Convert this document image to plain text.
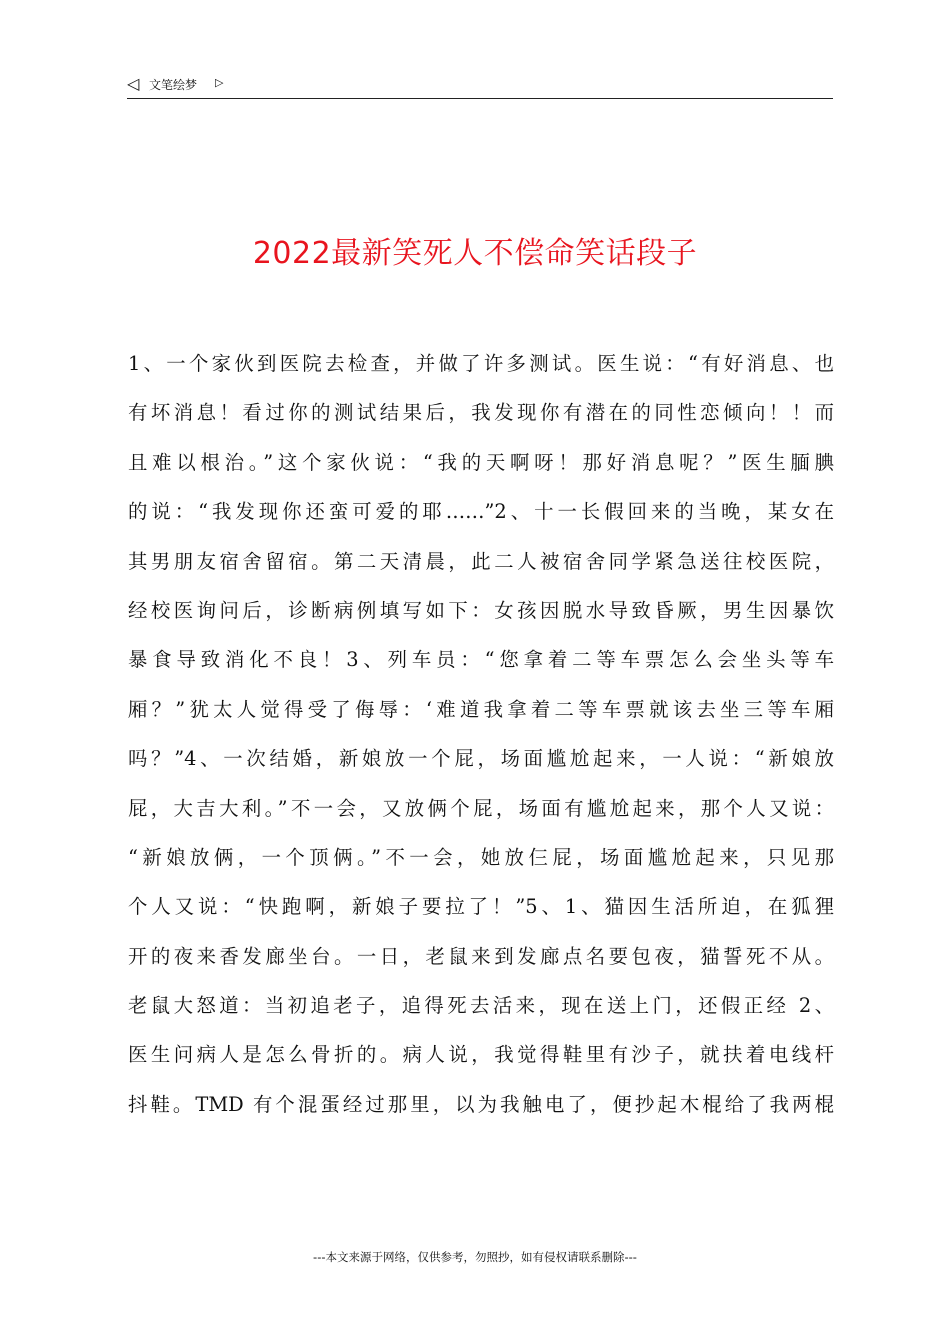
◁ 文笔绘梦 ▷
2022最新笑死人不偿命笑话段子
1、一个家伙到医院去检查，并做了许多测试。医生说：“有好消息、也
有坏消息！看过你的测试结果后，我发现你有潜在的同性恋倾向！！而
且难以根治。”这个家伙说：“我的天啊呀！那好消息呢？”医生腼腆
的说：“我发现你还蛮可爱的耶……”2、十一长假回来的当晚，某女在
其男朋友宿舍留宿。第二天清晨，此二人被宿舍同学紧急送往校医院，
经校医询问后，诊断病例填写如下：女孩因脱水导致昏厥，男生因暴饮
暴食导致消化不良！3、列车员：“您拿着二等车票怎么会坐头等车
厢？”犹太人觉得受了侮辱：‘难道我拿着二等车票就该去坐三等车厢
吗？”4、一次结婚，新娘放一个屁，场面尴尬起来，一人说：“新娘放
屁，大吉大利。”不一会，又放俩个屁，场面有尴尬起来，那个人又说：
“新娘放俩，一个顶俩。”不一会，她放仨屁，场面尴尬起来，只见那
个人又说：“快跑啊，新娘子要拉了！”5、1、猫因生活所迫，在狐狸
开的夜来香发廊坐台。一日，老鼠来到发廊点名要包夜，猫誓死不从。
老鼠大怒道：当初追老子，追得死去活来，现在送上门，还假正经 2、
医生问病人是怎么骨折的。病人说，我觉得鞋里有沙子，就扶着电线杆
抖鞋。TMD 有个混蛋经过那里，以为我触电了，便抄起木棍给了我两棍
---本文来源于网络，仅供参考，勿照抄，如有侵权请联系删除---
